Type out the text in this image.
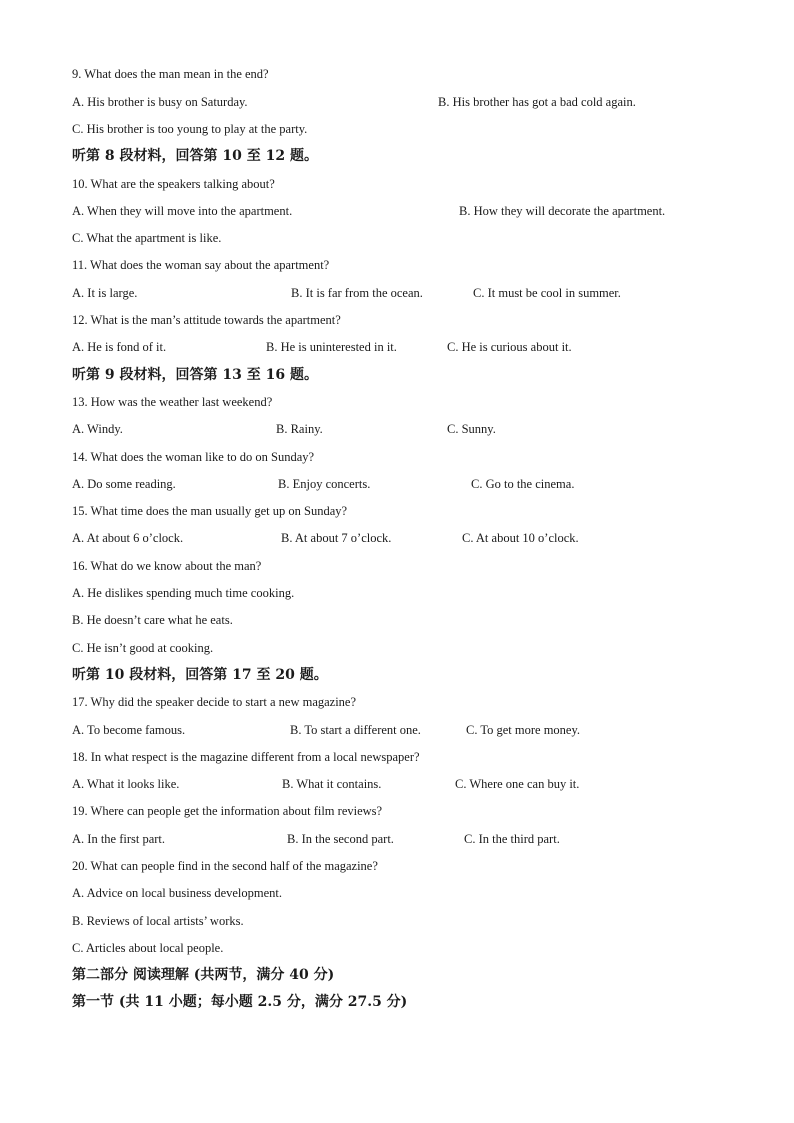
9. What does the man mean in the end?
A. His brother is busy on Saturday.	B. His brother has got a bad cold again.
C. His brother is too young to play at the party.
听第 8 段材料，回答第 10 至 12 题。
10. What are the speakers talking about?
A. When they will move into the apartment.	B. How they will decorate the apartment.
C. What the apartment is like.
11. What does the woman say about the apartment?
A. It is large.	B. It is far from the ocean.	C. It must be cool in summer.
12. What is the man’s attitude towards the apartment?
A. He is fond of it.	B. He is uninterested in it.	C. He is curious about it.
听第 9 段材料，回答第 13 至 16 题。
13. How was the weather last weekend?
A. Windy.	B. Rainy.	C. Sunny.
14. What does the woman like to do on Sunday?
A. Do some reading.	B. Enjoy concerts.	C. Go to the cinema.
15. What time does the man usually get up on Sunday?
A. At about 6 o’clock.	B. At about 7 o’clock.	C. At about 10 o’clock.
16. What do we know about the man?
A. He dislikes spending much time cooking.
B. He doesn’t care what he eats.
C. He isn’t good at cooking.
听第 10 段材料，回答第 17 至 20 题。
17. Why did the speaker decide to start a new magazine?
A. To become famous.	B. To start a different one.	C. To get more money.
18. In what respect is the magazine different from a local newspaper?
A. What it looks like.	B. What it contains.	C. Where one can buy it.
19. Where can people get the information about film reviews?
A. In the first part.	B. In the second part.	C. In the third part.
20. What can people find in the second half of the magazine?
A. Advice on local business development.
B. Reviews of local artists’ works.
C. Articles about local people.
第二部分 阅读理解 (共两节，满分 40 分)
第一节 (共 11 小题；每小题 2.5 分，满分 27.5 分)
